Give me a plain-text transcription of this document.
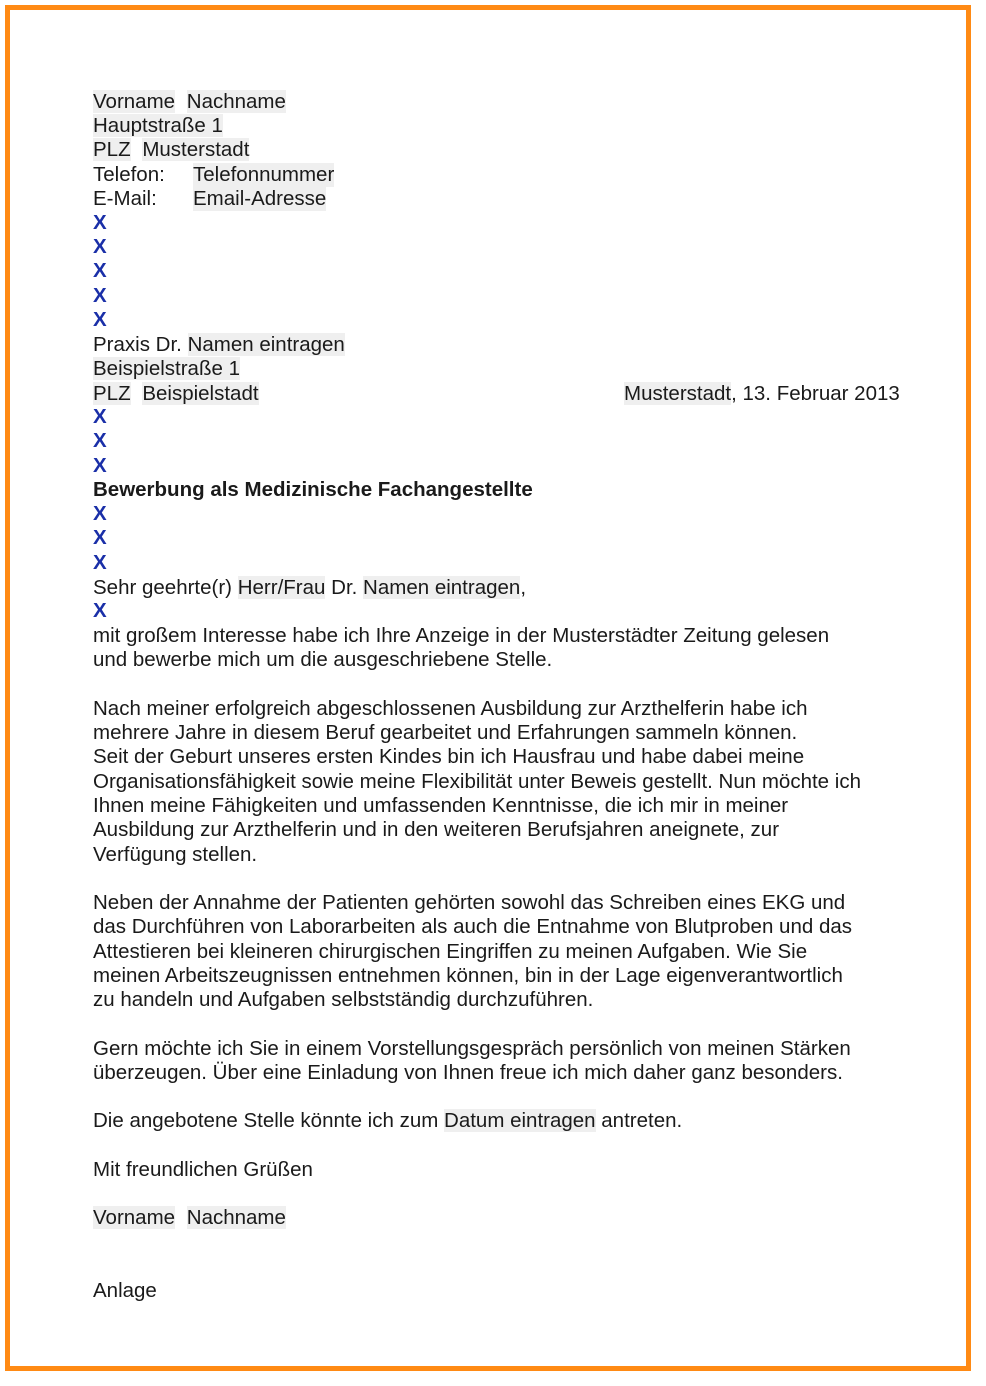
Vorname Nachname
Hauptstraße 1
PLZ Musterstadt
Telefon: Telefonnummer
E-Mail: Email-Adresse
X
X
X
X
X
Praxis Dr. Namen eintragen
Beispielstraße 1
PLZ Beispielstadt	Musterstadt, 13. Februar 2013
X
X
X
Bewerbung als Medizinische Fachangestellte
X
X
X
Sehr geehrte(r) Herr/Frau Dr. Namen eintragen,
X
mit großem Interesse habe ich Ihre Anzeige in der Musterstädter Zeitung gelesen
und bewerbe mich um die ausgeschriebene Stelle.
Nach meiner erfolgreich abgeschlossenen Ausbildung zur Arzthelferin habe ich
mehrere Jahre in diesem Beruf gearbeitet und Erfahrungen sammeln können.
Seit der Geburt unseres ersten Kindes bin ich Hausfrau und habe dabei meine
Organisationsfähigkeit sowie meine Flexibilität unter Beweis gestellt. Nun möchte ich
Ihnen meine Fähigkeiten und umfassenden Kenntnisse, die ich mir in meiner
Ausbildung zur Arzthelferin und in den weiteren Berufsjahren aneignete, zur
Verfügung stellen.
Neben der Annahme der Patienten gehörten sowohl das Schreiben eines EKG und
das Durchführen von Laborarbeiten als auch die Entnahme von Blutproben und das
Attestieren bei kleineren chirurgischen Eingriffen zu meinen Aufgaben. Wie Sie
meinen Arbeitszeugnissen entnehmen können, bin in der Lage eigenverantwortlich
zu handeln und Aufgaben selbstständig durchzuführen.
Gern möchte ich Sie in einem Vorstellungsgespräch persönlich von meinen Stärken
überzeugen. Über eine Einladung von Ihnen freue ich mich daher ganz besonders.
Die angebotene Stelle könnte ich zum Datum eintragen antreten.
Mit freundlichen Grüßen
Vorname Nachname
Anlage
